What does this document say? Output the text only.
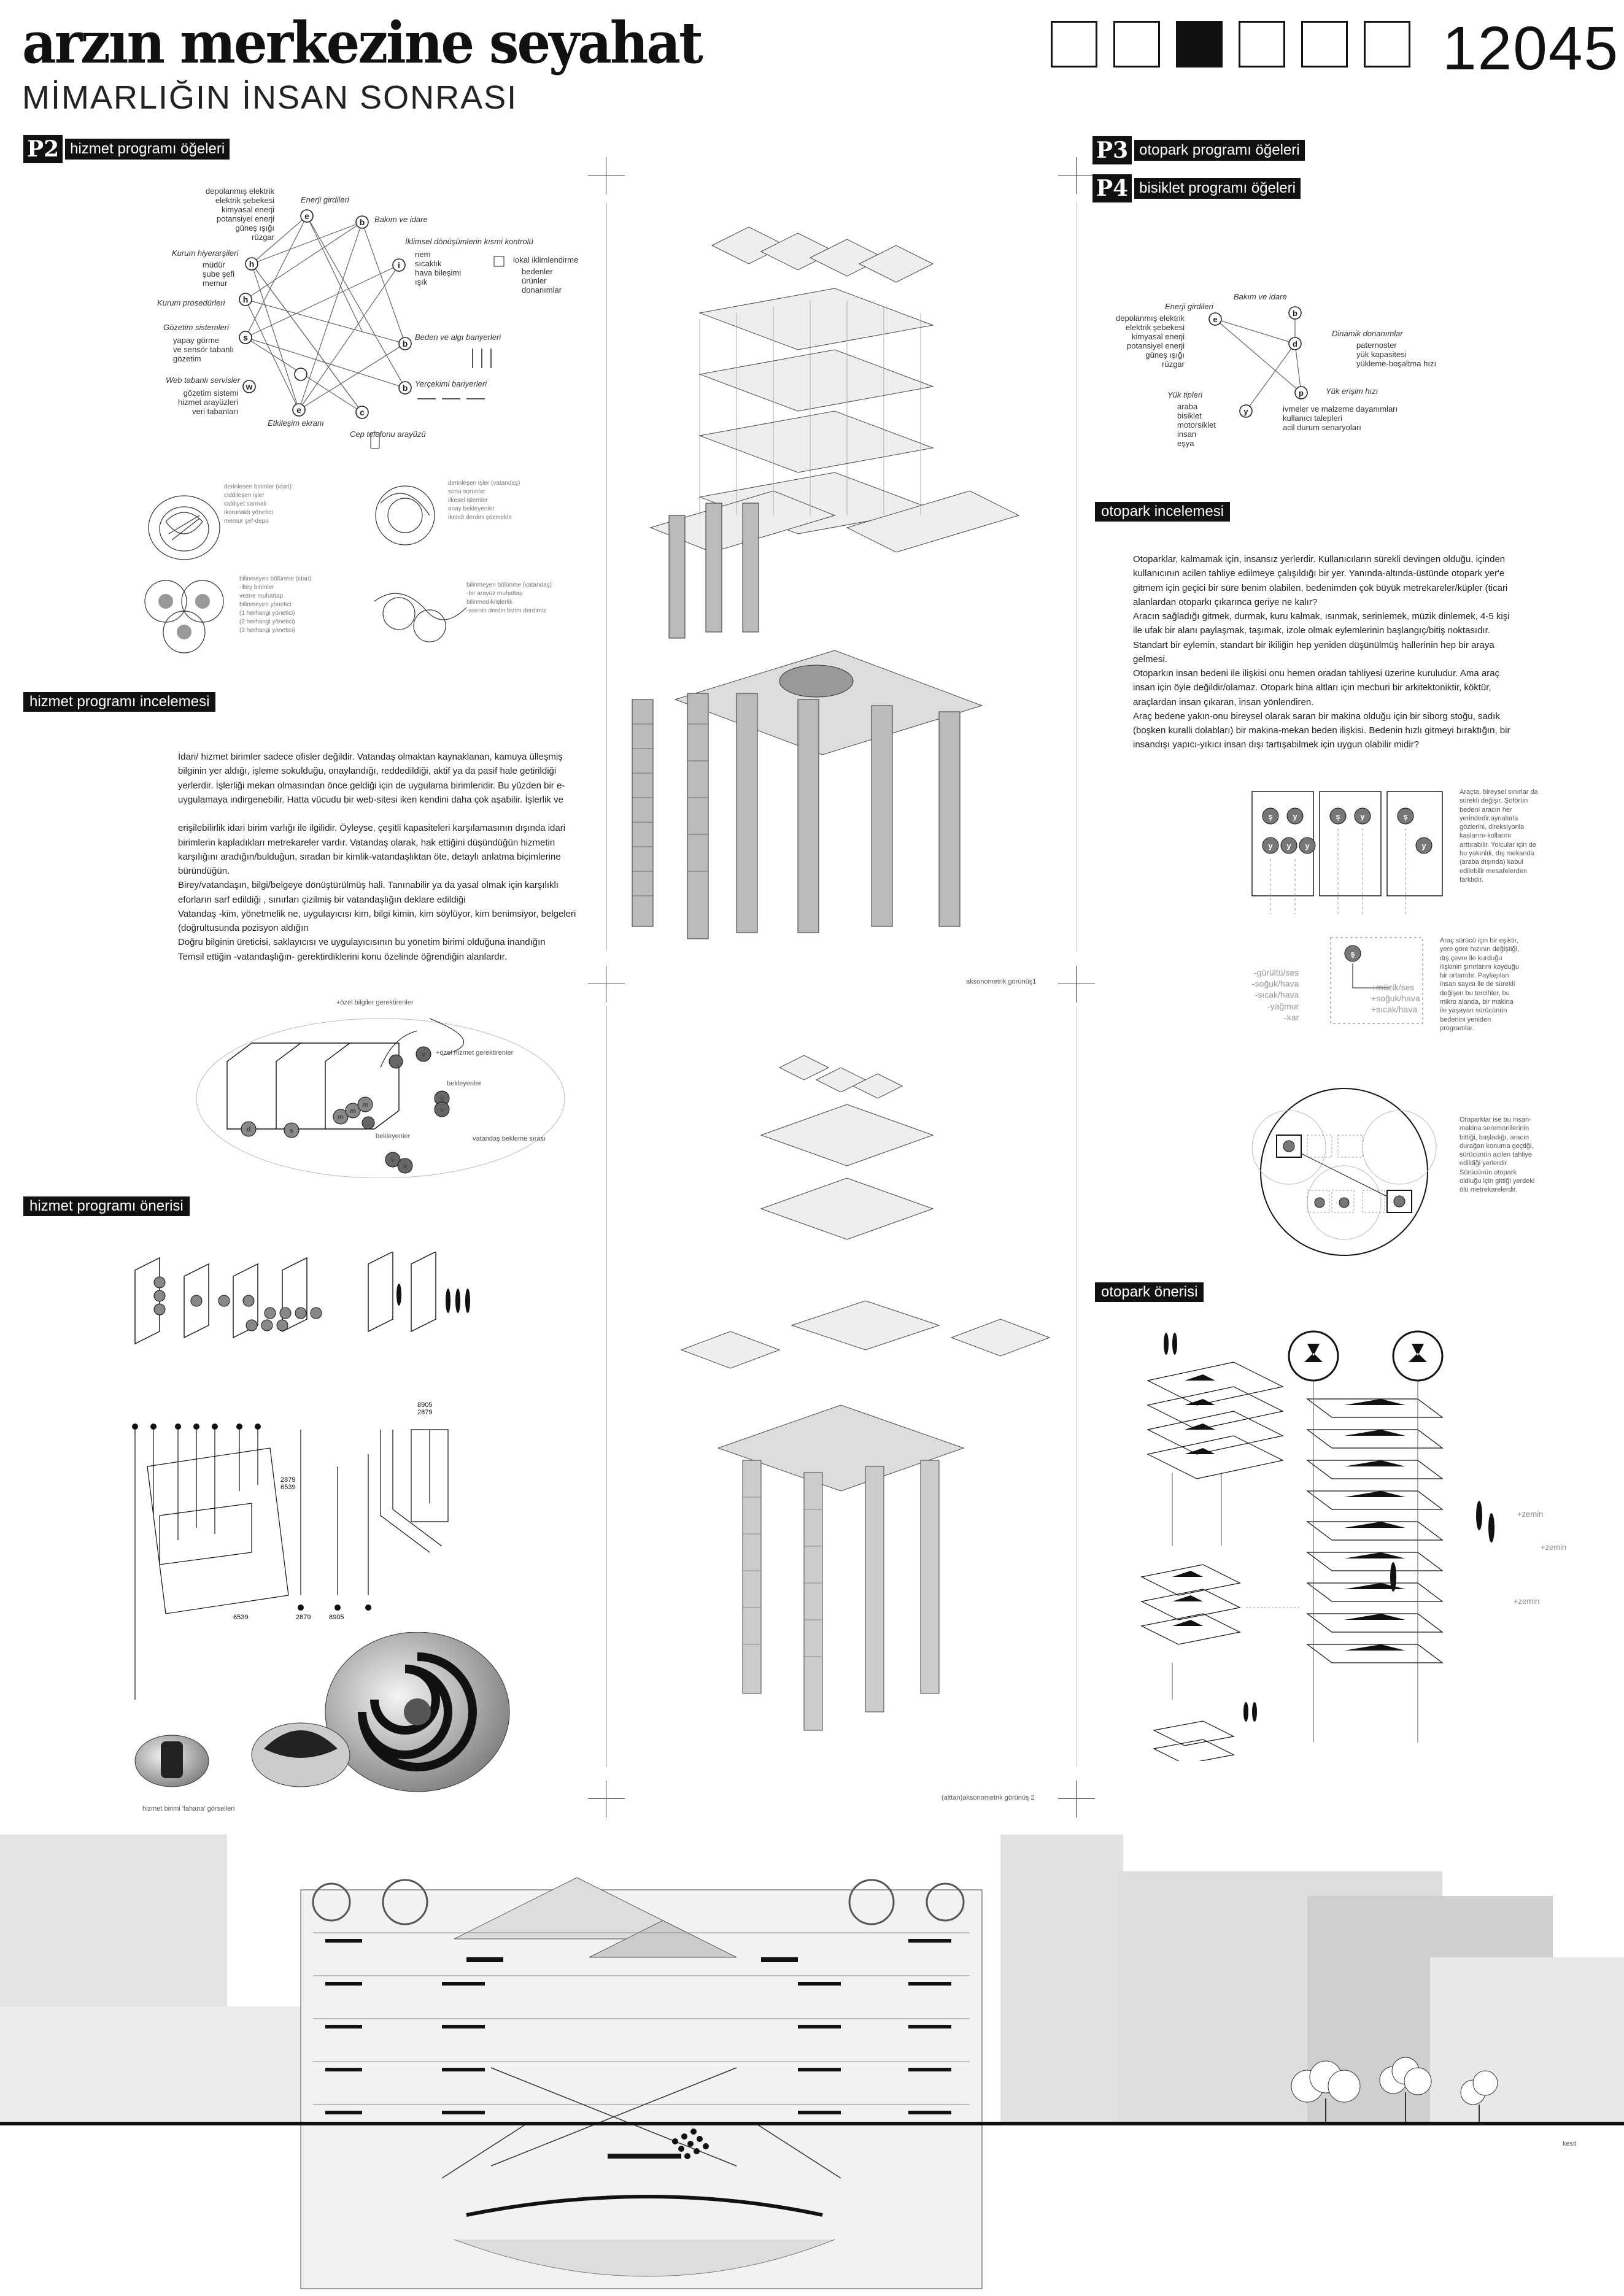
arzın merkezine seyahat
MİMARLIĞIN İNSAN SONRASI
12045
P2 hizmet programı öğeleri
e
b
i
h
h
s
e	c
b
b
w
depolanmış elektrik
elektrik şebekesi
kimyasal enerji
potansiyel enerji
güneş ışığı
rüzgar
Enerji girdileri
Bakım ve idare
İklimsel dönüşümlerin kısmi kontrolü
nem
sıcaklık
hava bileşimi
ışık
lokal iklimlendirme
bedenler
ürünler
donanımlar
Kurum hiyerarşileri
müdür
şube şefi
memur
Kurum prosedürleri
Gözetim sistemleri
yapay görme
ve sensör tabanlı
gözetim
Web tabanlı servisler
gözetim sistemi
hizmet arayüzleri
veri tabanları
Etkileşim ekranı
Cep telefonu arayüzü
Beden ve algı bariyerleri
Yerçekimi bariyerleri
derinlesen birimler (idari)
ciddileşen işler
ciddiyet sarmalı
ikorunaklı yönetici
memur şef-depo
derinleşen işler (vatandaş)
sonu sorunlar
ilkesel işlemler
onay bekleyenler
ikendi derdini çözmekle
bilinmeyen bölünme (idari)
-iltey birimler
veznе muhattap
bilinmeyen yönetici
(1 herhangi yönetici)
(2 herhangi yönetici)
(3 herhangi yönetici)
bilinmeyen bölünme (vatandaş)
-bir arayüz muhattap
bilinmedik/işlerlik
-asenin derdin bizim derdimiz
hizmet programı incelemesi
İdari/ hizmet birimler sadece ofisler değildir. Vatandaş olmaktan kaynaklanan, kamuya ülleşmiş bilginin yer aldığı, işleme sokulduğu, onaylandığı, reddedildiği, aktif ya da pasif hale getirildiği yerlerdir. İşlerliği mekan olmasından önce geldiği için de uygulama birimleridir. Bu yüzden bir e-uygulamaya indirgenebilir. Hatta vücudu bir web-sitesi iken kendini daha çok aşabilir. İşlerlik ve

erişilebilirlik idari birim varlığı ile ilgilidir. Öyleyse, çeşitli kapasiteleri karşılamasının dışında idari birimlerin kapladıkları metrekareler vardır. Vatandaş olarak, hak ettiğini düşündüğün hizmetin karşılığını aradığın/bulduğun, sıradan bir kimlik-vatandaşlıktan öte, detaylı anlatma biçimlerine büründüğün.
Birey/vatandaşın, bilgi/belgeye dönüştürülmüş hali. Tanınabilir ya da yasal olmak için karşılıklı eforların sarf edildiği , sınırları çizilmiş bir vatandaşlığın deklare edildiği
Vatandaş -kim, yönetmelik ne, uygulayıcısı kim, bilgi kimin, kim söylüyor, kim benimsiyor, belgeleri (doğrultusunda pozisyon aldığın
Doğru bilginin üreticisi, saklayıcısı ve uygulayıcısının bu yönetim birimi olduğuna inandığın
Temsil ettiğin -vatandaşlığın- gerektirdiklerini konu özelinde öğrendiğin alanlardır.
d	s
m
m
m
v
v
v
v
v
+özel bilgiler gerektirenler
+özel hizmet gerektirenler
bekleyenler
vatandaş bekleme sırası
bekleyenler
hizmet programı önerisi
2879
6539
8905
2879
6539	2879	8905
hizmet birimi 'fahana' görselleri
aksonometrik görünüş1
(alttan)aksonometrik görünüş 2
P3 otopark programı öğeleri
P4 bisiklet programı öğeleri
e
b
d
y
p
Bakım ve idare
Enerji girdileri
depolanmış elektrik
elektrik şebekesi
kimyasal enerji
potansiyel enerji
güneş ışığı
rüzgar
Dinamik donanımlar
paternoster
yük kapasitesi
yükleme-boşaltma hızı
Yük tipleri
araba
bisiklet
motorsiklet
insan
eşya
Yük erişim hızı
ivmeler ve malzeme dayanımları
kullanıcı talepleri
acil durum senaryoları
otopark incelemesi
Otoparklar, kalmamak için, insansız yerlerdir. Kullanıcıların sürekli devingen olduğu, içinden kullanıcının acilen tahliye edilmeye çalışıldığı bir yer. Yanında-altında-üstünde otopark yer'e gitmem için geçici bir süre benim olabilen, bedenimden çok büyük metrekareler/küpler (ticari alanlardan otoparkı çıkarınca geriye ne kalır?
Aracın sağladığı gitmek, durmak, kuru kalmak, ısınmak, serinlemek, müzik dinlemek, 4-5 kişi ile ufak bir alanı paylaşmak, taşımak, izole olmak eylemlerinin başlangıç/bitiş noktasıdır. Standart bir eylemin, standart bir ikiliğin hep yeniden düşünülmüş hallerinin hep bir araya gelmesi.
Otoparkın insan bedeni ile ilişkisi onu hemen oradan tahliyesi üzerine kuruludur. Ama araç insan için öyle değildir/olamaz. Otopark bina altları için mecburi bir arkitektoniktir, köktür, araçlardan insan çıkaran, insan yönlendiren.
Araç bedene yakın-onu bireysel olarak saran bir makina olduğu için bir siborg stoğu, sadık (boşken kuralli dolabları) bir makina-mekan beden ilişkisi. Bedenin hızlı gitmeyi bıraktığın, bir insandışı yapıcı-yıkıcı insan dışı tartışabilmek için uygun olabilir midir?
ş	y
y y y
ş	y	ş
y
Araçta, bireysel sınırlar da sürekli değişir. Şoförün bedeni aracın her yerindedir,aynalarla gözlerini, direksiyonla kaslarını-kollarını arttırabilir. Yolcular için de bu yakınlık, dış mekanda (araba dışında) kabul edilebilir mesafelerden farklıdır.
ş
-gürültü/ses
-soğuk/hava
-sıcak/hava
-yağmur
-kar
+müzik/ses
+soğuk/hava
+sıcak/hava
Araç sürücü için bir eşiktir, yere göre hızının değiştiği, dış çevre ile kurduğu ilişkinin şınırlarını koyduğu bir ortamdır. Paylaşılan insan sayısı ile de sürekli değişen bu tercihler, bu mikro alanda, bir makina ile yaşayan sürücünün bedenini yeniden programlar.
Otoparklar ise bu insan-makina seremonilerinin bittiği, başladığı, aracın durağan konuma geçtiği, sürücünün acilen tahliye edildiği yerlerdir. Sürücünün otopark oldluğu için gittiği yerdeki ölü metrekarelerdir.
otopark önerisi
+zemin
+zemin
+zemin
kesit
